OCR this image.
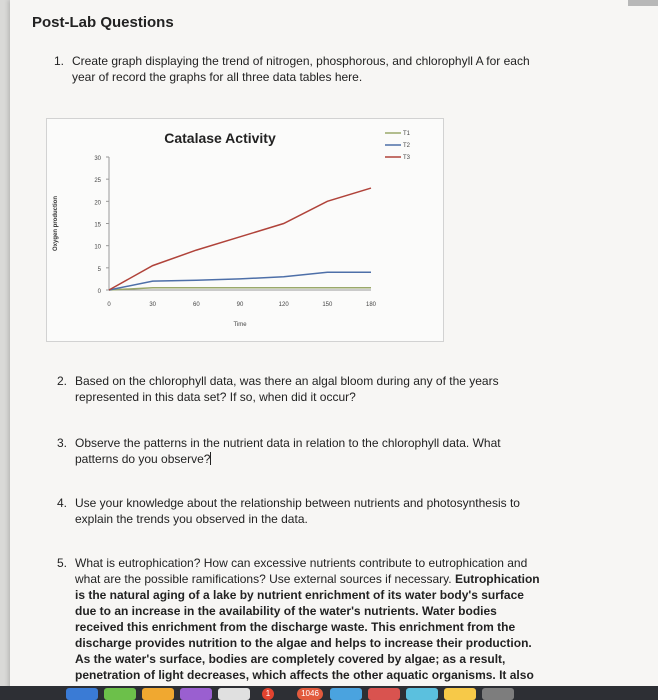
Post-Lab Questions
1. Create graph displaying the trend of nitrogen, phosphorous, and chlorophyll A for each
year of record the graphs for all three data tables here.
Catalase Activity
0
5
10
15
20
25
30
0	30	60	90	120	150	180
Time
Oxygen production
T1
T2
T3
2. Based on the chlorophyll data, was there an algal bloom during any of the years
represented in this data set? If so, when did it occur?
3. Observe the patterns in the nutrient data in relation to the chlorophyll data. What
patterns do you observe?
4. Use your knowledge about the relationship between nutrients and photosynthesis to
explain the trends you observed in the data.
5. What is eutrophication? How can excessive nutrients contribute to eutrophication and
what are the possible ramifications? Use external sources if necessary. Eutrophication
is the natural aging of a lake by nutrient enrichment of its water body's surface
due to an increase in the availability of the water's nutrients. Water bodies
received this enrichment from the discharge waste. This enrichment from the
discharge provides nutrition to the algae and helps to increase their production.
As the water's surface, bodies are completely covered by algae; as a result,
penetration of light decreases, which affects the other aquatic organisms. It also
1	1046
